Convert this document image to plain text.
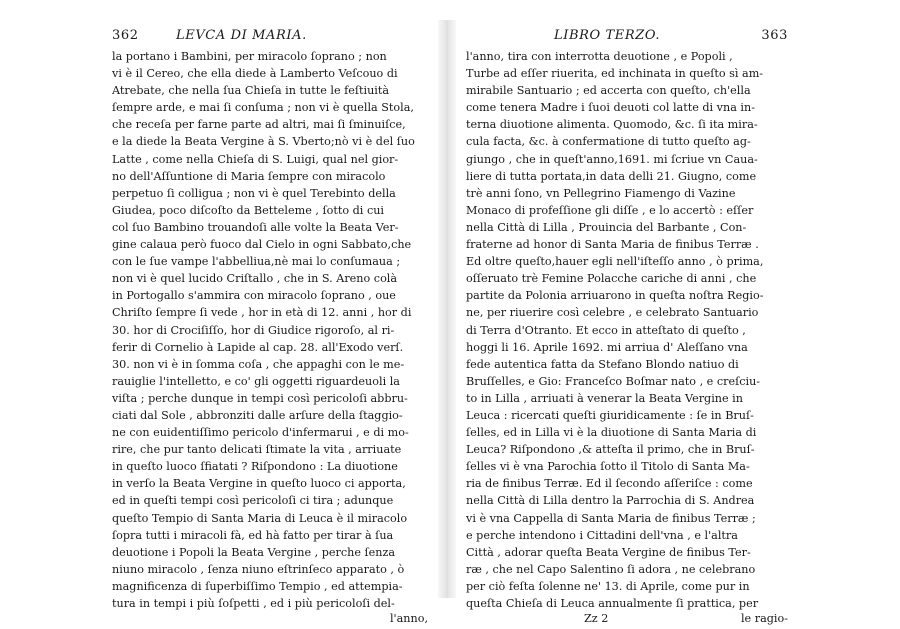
362	LEVCA DI MARIA.
la portano i Bambini, per miracolo ſoprano ; non
vi è il Cereo, che ella diede à Lamberto Veſcouo di
Atrebate, che nella ſua Chieſa in tutte le feſtiuità
ſempre arde, e mai ſi conſuma ; non vi è quella Stola,
che receſa per farne parte ad altri, mai ſi ſminuiſce,
e la diede la Beata Vergine à S. Vberto;nò vi è del ſuo
Latte , come nella Chieſa di S. Luigi, qual nel gior-
no dell'Aſſuntione di Maria ſempre con miracolo
perpetuo ſi colligua ; non vi è quel Terebinto della
Giudea, poco diſcoſto da Betteleme , ſotto di cui
col ſuo Bambino trouandoſi alle volte la Beata Ver-
gine calaua però fuoco dal Cielo in ogni Sabbato,che
con le ſue vampe l'abbelliua,nè mai lo conſumaua ;
non vi è quel lucido Criſtallo , che in S. Areno colà
in Portogallo s'ammira con miracolo ſoprano , oue
Chriſto ſempre ſi vede , hor in età di 12. anni , hor di
30. hor di Crociſiſſo, hor di Giudice rigoroſo, al ri-
ferir di Cornelio à Lapide al cap. 28. all'Exodo verſ.
30. non vi è in ſomma coſa , che appaghi con le me-
rauiglie l'intelletto, e co' gli oggetti riguardeuoli la
viſta ; perche dunque in tempi così pericoloſi abbru-
ciati dal Sole , abbronziti dalle arſure della ſtaggio-
ne con euidentiſſimo pericolo d'infermarui , e di mo-
rire, che pur tanto delicati ſtimate la vita , arriuate
in queſto luoco ſfiatati ? Riſpondono : La diuotione
in verſo la Beata Vergine in queſto luoco ci apporta,
ed in queſti tempi così pericoloſi ci tira ; adunque
queſto Tempio di Santa Maria di Leuca è il miracolo
ſopra tutti i miracoli fà, ed hà fatto per tirar à ſua
deuotione i Popoli la Beata Vergine , perche ſenza
niuno miracolo , ſenza niuno eſtrinſeco apparato , ò
magnificenza di ſuperbiſſimo Tempio , ed attempia-
tura in tempi i più ſoſpetti , ed i più pericoloſi del-
l'anno,
LIBRO TERZO.	363
l'anno, tira con interrotta deuotione , e Popoli ,
Turbe ad eſſer riuerita, ed inchinata in queſto sì am-
mirabile Santuario ; ed accerta con queſto, ch'ella
come tenera Madre i ſuoi deuoti col latte di vna in-
terna diuotione alimenta. Quomodo, &c. ſi ita mira-
cula facta, &c. à confermatione di tutto queſto ag-
giungo , che in queſt'anno,1691. mi ſcriue vn Caua-
liere di tutta portata,in data delli 21. Giugno, come
trè anni ſono, vn Pellegrino Fiamengo di Vazine
Monaco di profeſſione gli diſſe , e lo accertò : eſſer
nella Città di Lilla , Prouincia del Barbante , Con-
fraterne ad honor di Santa Maria de finibus Terræ .
Ed oltre queſto,hauer egli nell'iſteſſo anno , ò prima,
oſſeruato trè Femine Polacche cariche di anni , che
partite da Polonia arriuarono in queſta noſtra Regio-
ne, per riuerire così celebre , e celebrato Santuario
di Terra d'Otranto. Et ecco in atteſtato di queſto ,
hoggi li 16. Aprile 1692. mi arriua d' Aleſſano vna
fede autentica fatta da Stefano Blondo natiuo di
Bruſſelles, e Gio: Franceſco Boſmar nato , e creſciu-
to in Lilla , arriuati à venerar la Beata Vergine in
Leuca : ricercati queſti giuridicamente : ſe in Bruſ-
ſelles, ed in Lilla vi è la diuotione di Santa Maria di
Leuca? Riſpondono ,& atteſta il primo, che in Bruſ-
ſelles vi è vna Parochia ſotto il Titolo di Santa Ma-
ria de finibus Terræ. Ed il ſecondo aſſeriſce : come
nella Città di Lilla dentro la Parrochia di S. Andrea
vi è vna Cappella di Santa Maria de finibus Terræ ;
e perche intendono i Cittadini dell'vna , e l'altra
Città , adorar queſta Beata Vergine de finibus Ter-
ræ , che nel Capo Salentino ſi adora , ne celebrano
per ciò feſta ſolenne ne' 13. di Aprile, come pur in
queſta Chieſa di Leuca annualmente ſi prattica, per
Zz 2	le ragio-
